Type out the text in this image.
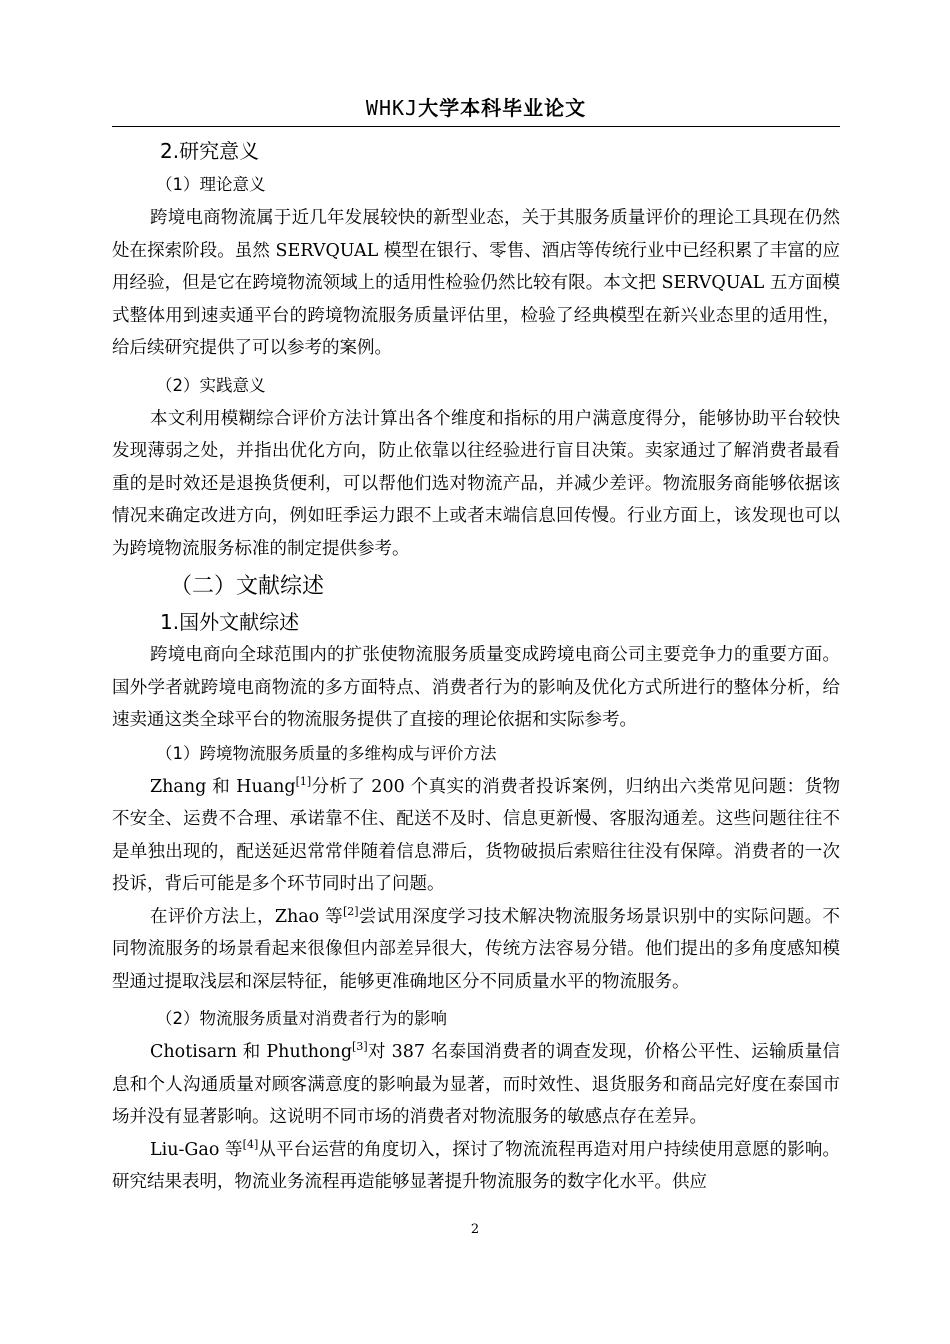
WHKJ大学本科毕业论文

2.研究意义

（1）理论意义

跨境电商物流属于近几年发展较快的新型业态，关于其服务质量评价的理论工具现在仍然处在探索阶段。虽然 SERVQUAL 模型在银行、零售、酒店等传统行业中已经积累了丰富的应用经验，但是它在跨境物流领域上的适用性检验仍然比较有限。本文把 SERVQUAL 五方面模式整体用到速卖通平台的跨境物流服务质量评估里，检验了经典模型在新兴业态里的适用性，给后续研究提供了可以参考的案例。

（2）实践意义

本文利用模糊综合评价方法计算出各个维度和指标的用户满意度得分，能够协助平台较快发现薄弱之处，并指出优化方向，防止依靠以往经验进行盲目决策。卖家通过了解消费者最看重的是时效还是退换货便利，可以帮他们选对物流产品，并减少差评。物流服务商能够依据该情况来确定改进方向，例如旺季运力跟不上或者末端信息回传慢。行业方面上，该发现也可以为跨境物流服务标准的制定提供参考。

（二）文献综述

1.国外文献综述

跨境电商向全球范围内的扩张使物流服务质量变成跨境电商公司主要竞争力的重要方面。国外学者就跨境电商物流的多方面特点、消费者行为的影响及优化方式所进行的整体分析，给速卖通这类全球平台的物流服务提供了直接的理论依据和实际参考。

（1）跨境物流服务质量的多维构成与评价方法

Zhang 和 Huang[1]分析了 200 个真实的消费者投诉案例，归纳出六类常见问题：货物不安全、运费不合理、承诺靠不住、配送不及时、信息更新慢、客服沟通差。这些问题往往不是单独出现的，配送延迟常常伴随着信息滞后，货物破损后索赔往往没有保障。消费者的一次投诉，背后可能是多个环节同时出了问题。

在评价方法上，Zhao 等[2]尝试用深度学习技术解决物流服务场景识别中的实际问题。不同物流服务的场景看起来很像但内部差异很大，传统方法容易分错。他们提出的多角度感知模型通过提取浅层和深层特征，能够更准确地区分不同质量水平的物流服务。

（2）物流服务质量对消费者行为的影响

Chotisarn 和 Phuthong[3]对 387 名泰国消费者的调查发现，价格公平性、运输质量信息和个人沟通质量对顾客满意度的影响最为显著，而时效性、退货服务和商品完好度在泰国市场并没有显著影响。这说明不同市场的消费者对物流服务的敏感点存在差异。

Liu-Gao 等[4]从平台运营的角度切入，探讨了物流流程再造对用户持续使用意愿的影响。研究结果表明，物流业务流程再造能够显著提升物流服务的数字化水平。供应

2
